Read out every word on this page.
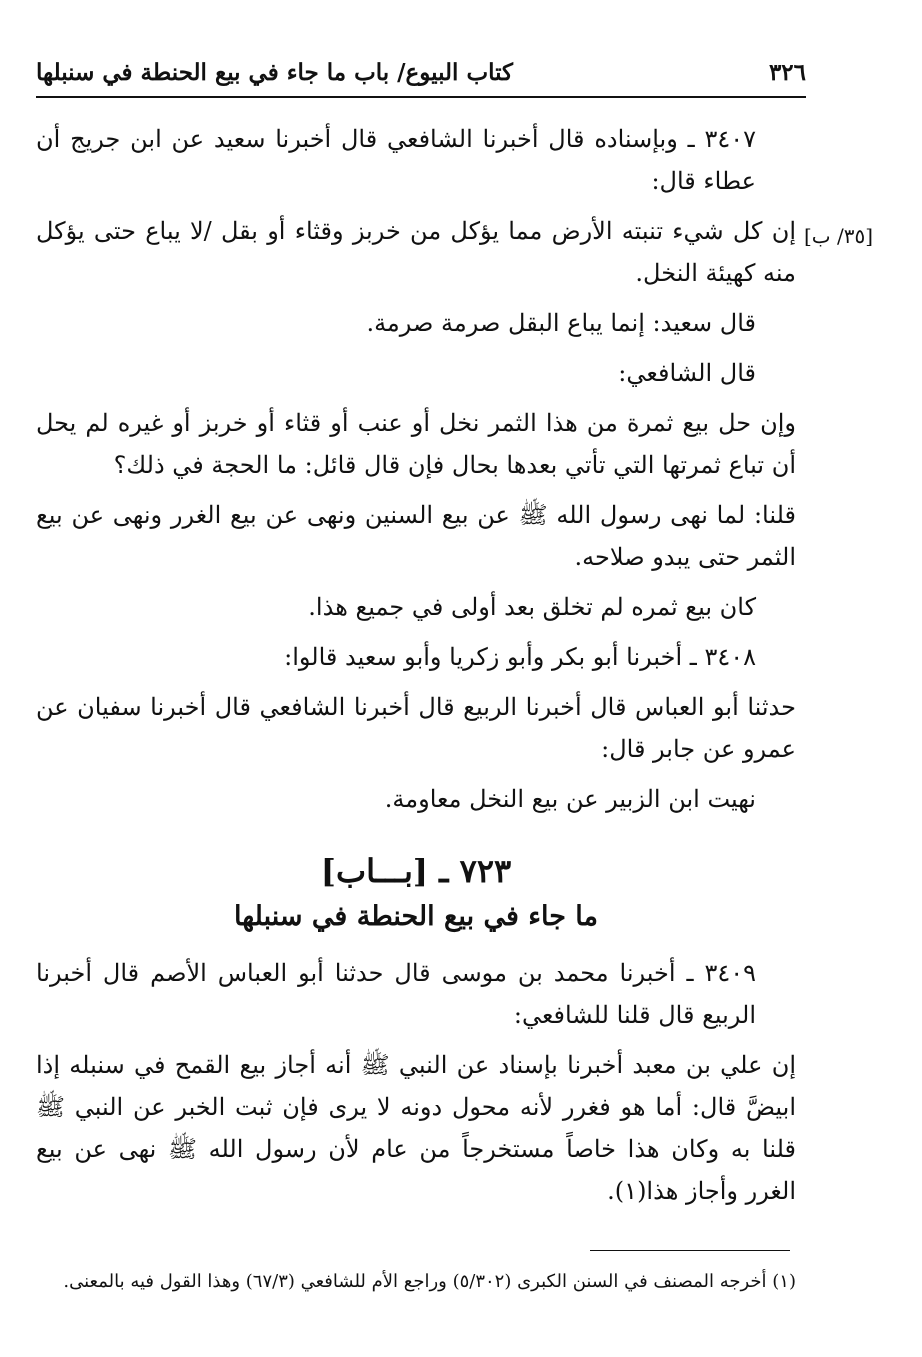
٣٢٦
كتاب البيوع/ باب ما جاء في بيع الحنطة في سنبلها
[٣٥/ ب]

٣٤٠٧ ـ وبإسناده قال أخبرنا الشافعي قال أخبرنا سعيد عن ابن جريج أن عطاء قال:

إن كل شيء تنبته الأرض مما يؤكل من خربز وقثاء أو بقل /لا يباع حتى يؤكل منه كهيئة النخل.

قال سعيد: إنما يباع البقل صرمة صرمة.

قال الشافعي:

وإن حل بيع ثمرة من هذا الثمر نخل أو عنب أو قثاء أو خربز أو غيره لم يحل أن تباع ثمرتها التي تأتي بعدها بحال فإن قال قائل: ما الحجة في ذلك؟

قلنا: لما نهى رسول الله ﷺ عن بيع السنين ونهى عن بيع الغرر ونهى عن بيع الثمر حتى يبدو صلاحه.

كان بيع ثمره لم تخلق بعد أولى في جميع هذا.

٣٤٠٨ ـ أخبرنا أبو بكر وأبو زكريا وأبو سعيد قالوا:

حدثنا أبو العباس قال أخبرنا الربيع قال أخبرنا الشافعي قال أخبرنا سفيان عن عمرو عن جابر قال:

نهيت ابن الزبير عن بيع النخل معاومة.

٧٢٣ ـ [بـــاب]
ما جاء في بيع الحنطة في سنبلها

٣٤٠٩ ـ أخبرنا محمد بن موسى قال حدثنا أبو العباس الأصم قال أخبرنا الربيع قال قلنا للشافعي:

إن علي بن معبد أخبرنا بإسناد عن النبي ﷺ أنه أجاز بيع القمح في سنبله إذا ابيضَّ قال: أما هو فغرر لأنه محول دونه لا يرى فإن ثبت الخبر عن النبي ﷺ قلنا به وكان هذا خاصاً مستخرجاً من عام لأن رسول الله ﷺ نهى عن بيع الغرر وأجاز هذا(١).

(١) أخرجه المصنف في السنن الكبرى (٥/٣٠٢) وراجع الأم للشافعي (٦٧/٣) وهذا القول فيه بالمعنى.
